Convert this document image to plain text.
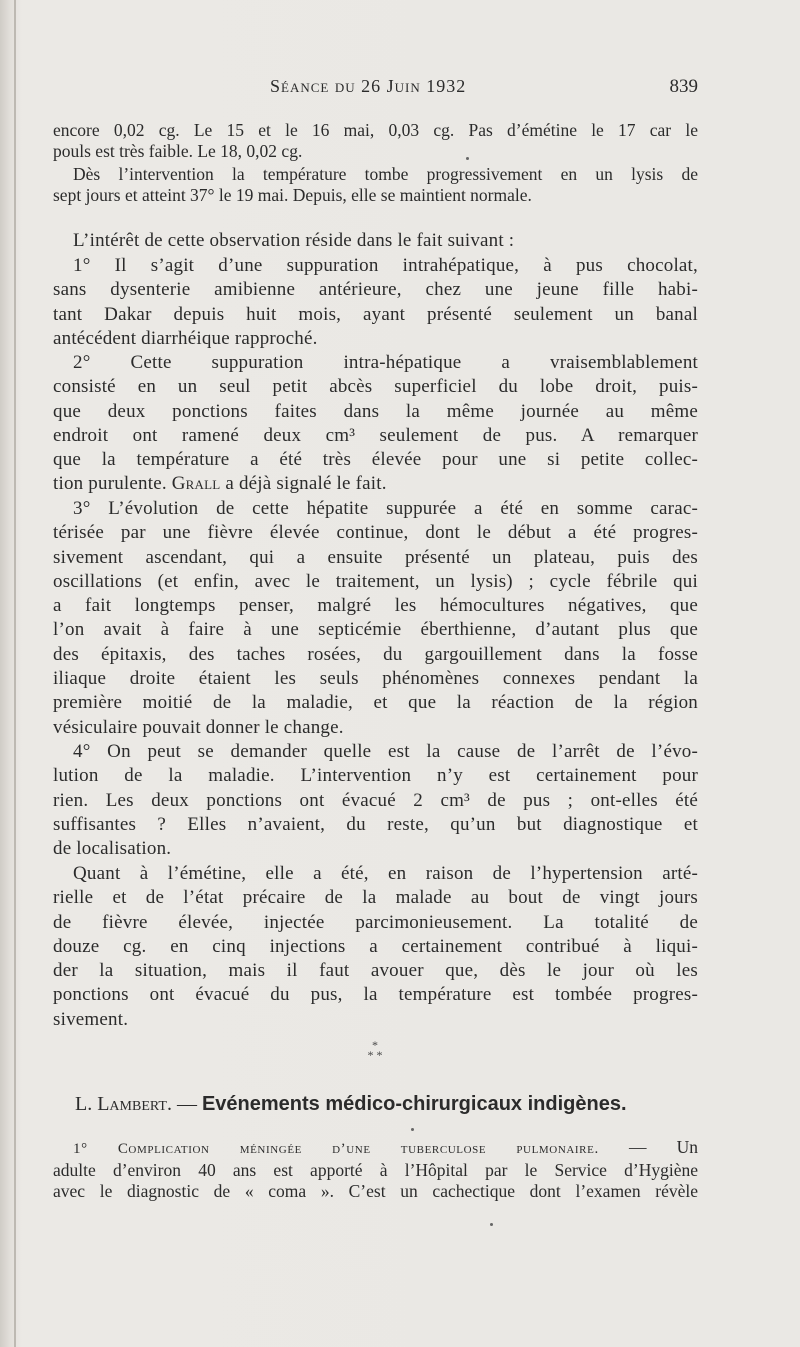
Séance du 26 Juin 1932	839
encore 0,02 cg. Le 15 et le 16 mai, 0,03 cg. Pas d’émétine le 17 car le
pouls est très faible. Le 18, 0,02 cg.
Dès l’intervention la température tombe progressivement en un lysis de
sept jours et atteint 37° le 19 mai. Depuis, elle se maintient normale.
L’intérêt de cette observation réside dans le fait suivant :
1° Il s’agit d’une suppuration intrahépatique, à pus chocolat,
sans dysenterie amibienne antérieure, chez une jeune fille habi-
tant Dakar depuis huit mois, ayant présenté seulement un banal
antécédent diarrhéique rapproché.
2° Cette suppuration intra-hépatique a vraisemblablement
consisté en un seul petit abcès superficiel du lobe droit, puis-
que deux ponctions faites dans la même journée au même
endroit ont ramené deux cm³ seulement de pus. A remarquer
que la température a été très élevée pour une si petite collec-
tion purulente. Grall a déjà signalé le fait.
3° L’évolution de cette hépatite suppurée a été en somme carac-
térisée par une fièvre élevée continue, dont le début a été progres-
sivement ascendant, qui a ensuite présenté un plateau, puis des
oscillations (et enfin, avec le traitement, un lysis) ; cycle fébrile qui
a fait longtemps penser, malgré les hémocultures négatives, que
l’on avait à faire à une septicémie éberthienne, d’autant plus que
des épitaxis, des taches rosées, du gargouillement dans la fosse
iliaque droite étaient les seuls phénomènes connexes pendant la
première moitié de la maladie, et que la réaction de la région
vésiculaire pouvait donner le change.
4° On peut se demander quelle est la cause de l’arrêt de l’évo-
lution de la maladie. L’intervention n’y est certainement pour
rien. Les deux ponctions ont évacué 2 cm³ de pus ; ont-elles été
suffisantes ? Elles n’avaient, du reste, qu’un but diagnostique et
de localisation.
Quant à l’émétine, elle a été, en raison de l’hypertension arté-
rielle et de l’état précaire de la malade au bout de vingt jours
de fièvre élevée, injectée parcimonieusement. La totalité de
douze cg. en cinq injections a certainement contribué à liqui-
der la situation, mais il faut avouer que, dès le jour où les
ponctions ont évacué du pus, la température est tombée progres-
sivement.
*
* *
L. Lambert. — Evénements médico-chirurgicaux indigènes.
1° Complication méningée d’une tuberculose pulmonaire. — Un
adulte d’environ 40 ans est apporté à l’Hôpital par le Service d’Hygiène
avec le diagnostic de « coma ». C’est un cachectique dont l’examen révèle
